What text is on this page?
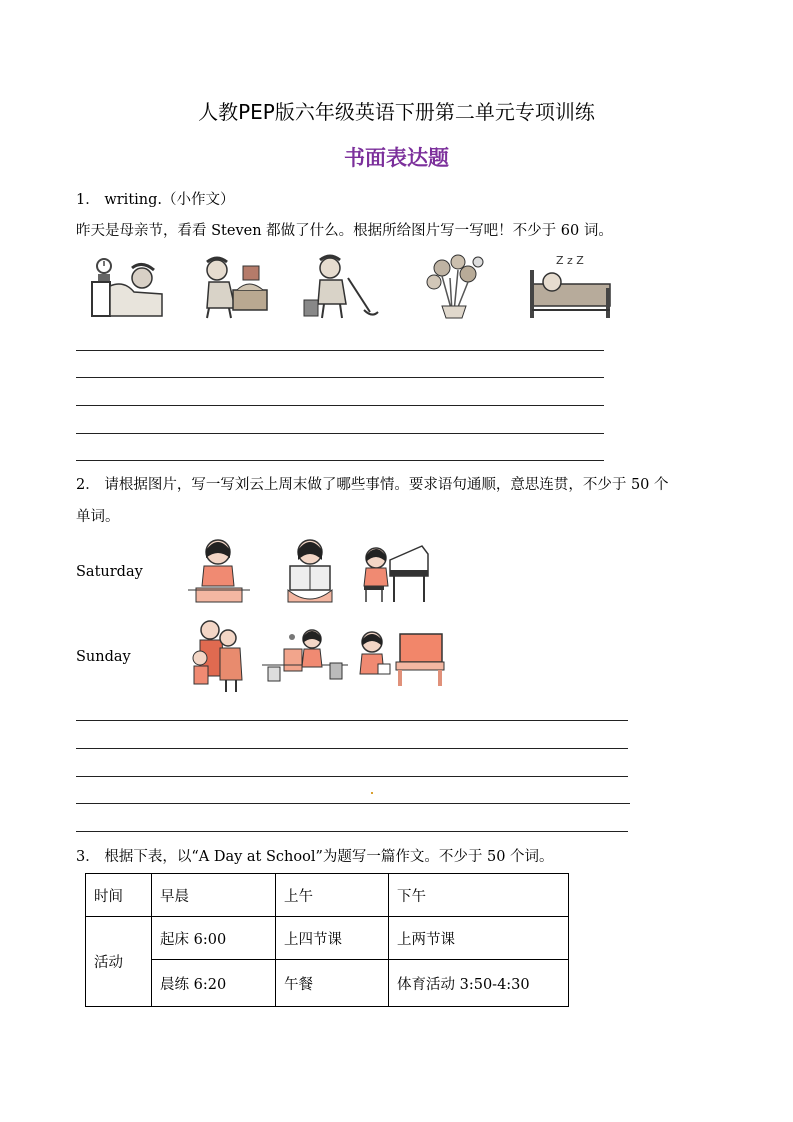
人教PEP版六年级英语下册第二单元专项训练
书面表达题
1． writing.（小作文）
昨天是母亲节，看看 Steven 都做了什么。根据所给图片写一写吧！不少于 60 词。
Z z Z
2． 请根据图片，写一写刘云上周末做了哪些事情。要求语句通顺，意思连贯，不少于 50 个
单词。
Saturday
Sunday
3． 根据下表，以“A Day at School”为题写一篇作文。不少于 50 个词。
时间	早晨	上午	下午
活动	起床 6:00	上四节课	上两节课
	晨练 6:20	午餐	体育活动 3:50-4:30
